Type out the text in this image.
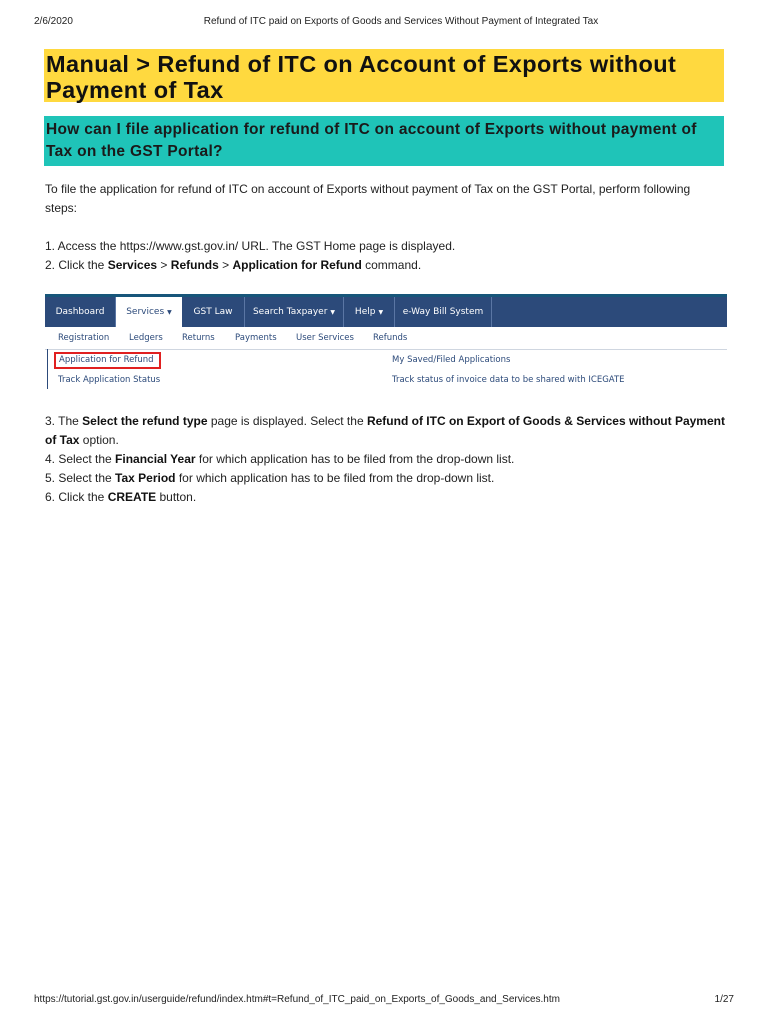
2/6/2020	Refund of ITC paid on Exports of Goods and Services Without Payment of Integrated Tax
Manual > Refund of ITC on Account of Exports without Payment of Tax
How can I file application for refund of ITC on account of Exports without payment of Tax on the GST Portal?

To file the application for refund of ITC on account of Exports without payment of Tax on the GST Portal, perform following steps:

1. Access the https://www.gst.gov.in/ URL. The GST Home page is displayed.

2. Click the Services > Refunds > Application for Refund command.

Dashboard	Services ▼	GST Law	Search Taxpayer ▼	Help ▼	e-Way Bill System
Registration Ledgers Returns Payments User Services Refunds
Application for Refund
Track Application Status
My Saved/Filed Applications
Track status of invoice data to be shared with ICEGATE

3. The Select the refund type page is displayed. Select the Refund of ITC on Export of Goods & Services without Payment of Tax option.

4. Select the Financial Year for which application has to be filed from the drop-down list.

5. Select the Tax Period for which application has to be filed from the drop-down list.

6. Click the CREATE button.

https://tutorial.gst.gov.in/userguide/refund/index.htm#t=Refund_of_ITC_paid_on_Exports_of_Goods_and_Services.htm	1/27
